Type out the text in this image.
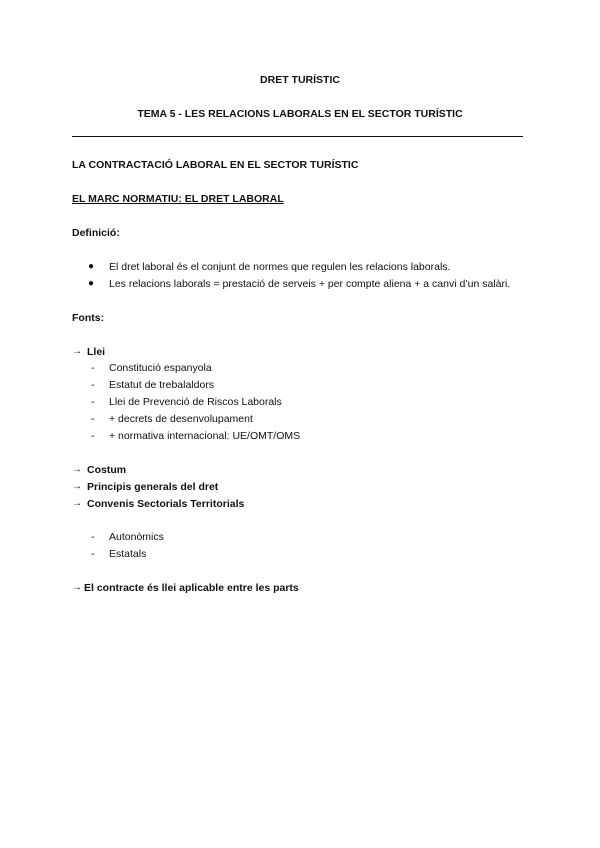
DRET TURÍSTIC
TEMA 5 - LES RELACIONS LABORALS EN EL SECTOR TURÍSTIC
LA CONTRACTACIÓ LABORAL EN EL SECTOR TURÍSTIC
EL MARC NORMATIU: EL DRET LABORAL
Definició:
● El dret laboral és el conjunt de normes que regulen les relacions laborals.
● Les relacions laborals = prestació de serveis + per compte aliena + a canvi d’un salàri.
Fonts:
→ Llei
- Constitució espanyola
- Estatut de trebalaldors
- Llei de Prevenció de Riscos Laborals
- + decrets de desenvolupament
- + normativa internacional: UE/OMT/OMS
→ Costum
→ Principis generals del dret
→ Convenis Sectorials Territorials
- Autonòmics
- Estatals
→ El contracte és llei aplicable entre les parts
